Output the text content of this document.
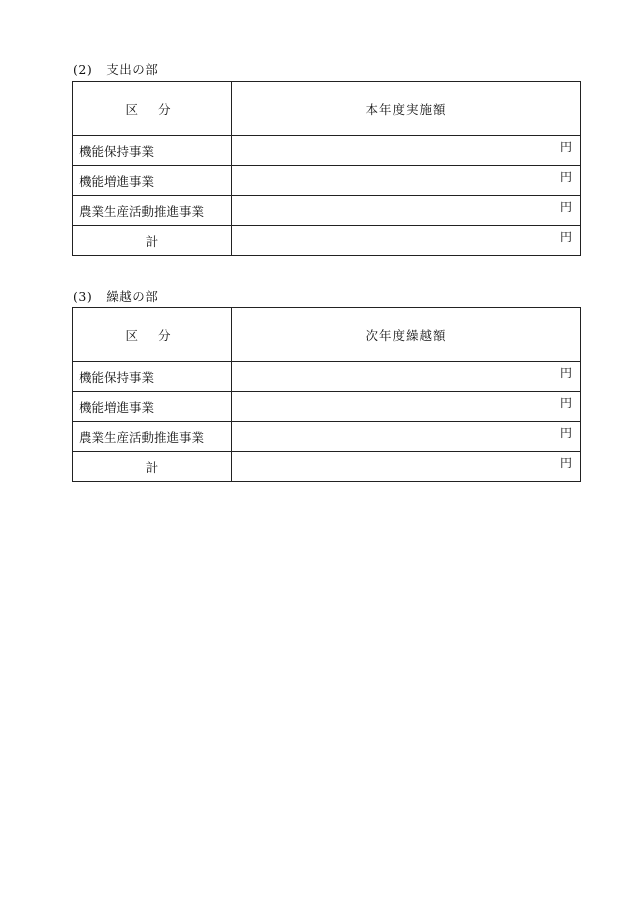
(2) 支出の部
区 分	本年度実施額
機能保持事業	円

機能増進事業	円

農業生産活動推進事業	円

計	円
(3) 繰越の部
区 分	次年度繰越額
機能保持事業	円

機能増進事業	円

農業生産活動推進事業	円

計	円
